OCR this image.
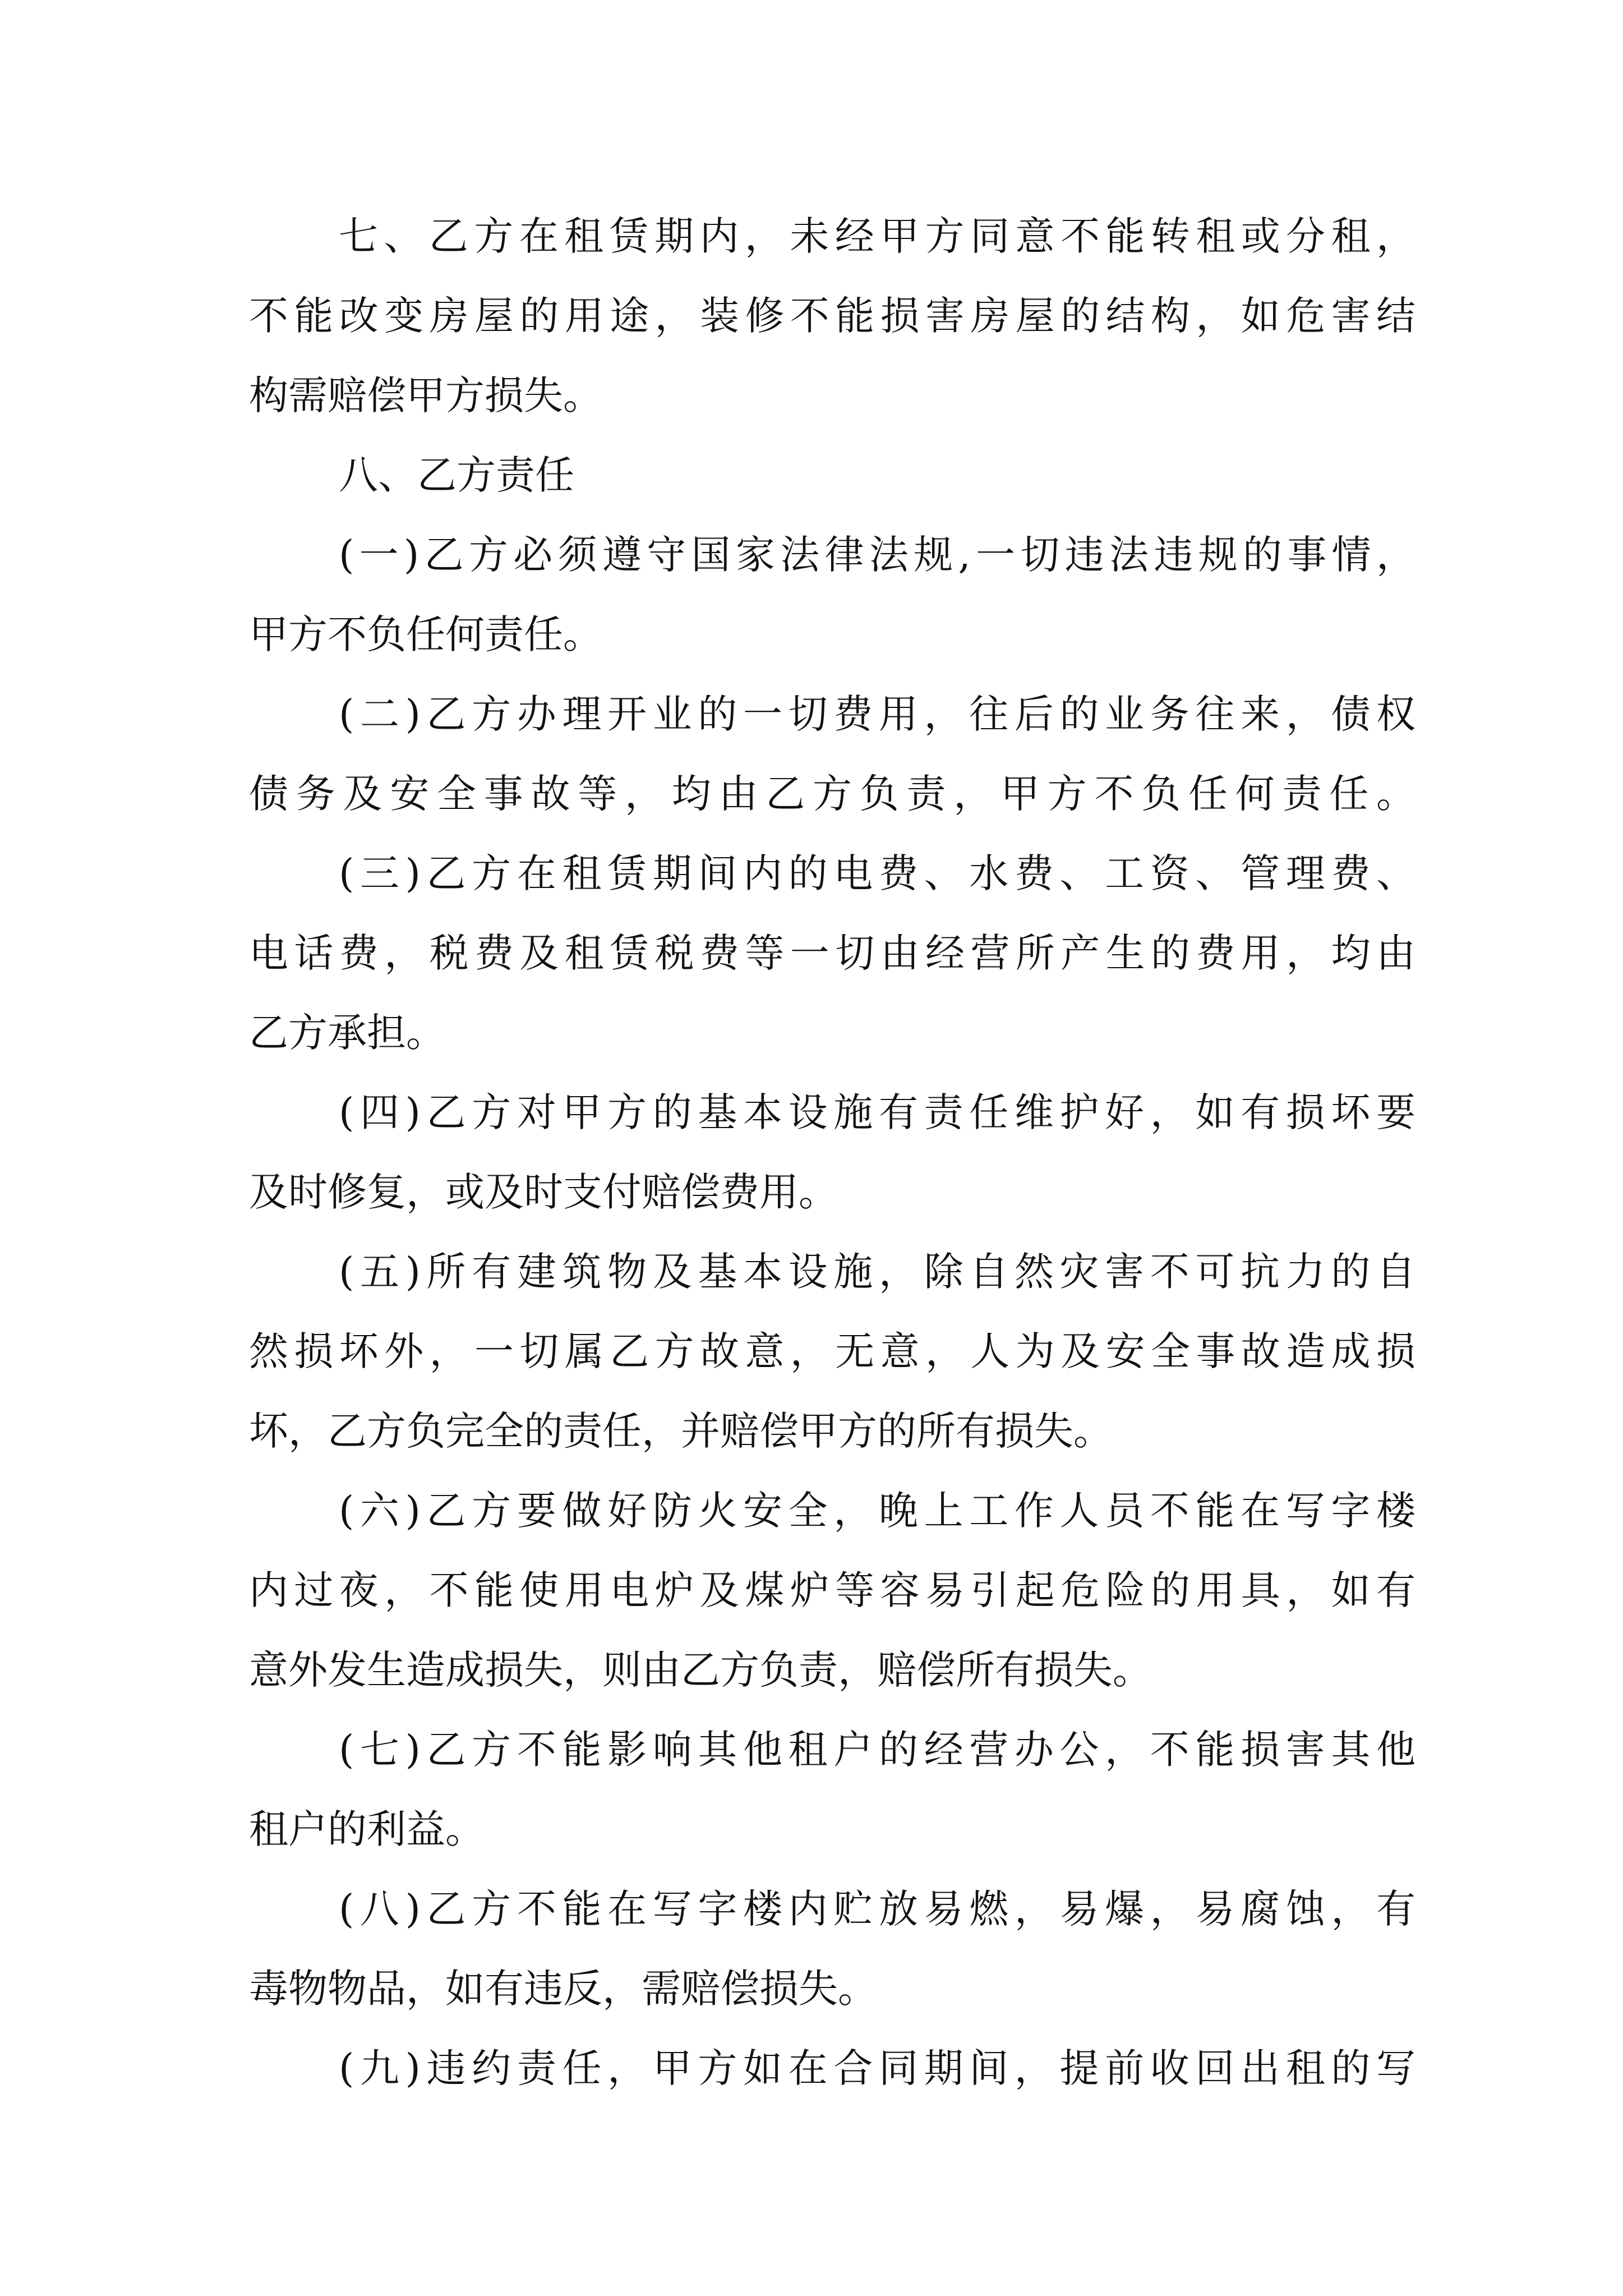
七、乙方在租赁期内，未经甲方同意不能转租或分租，
不能改变房屋的用途，装修不能损害房屋的结构，如危害结
构需赔偿甲方损失。
八、乙方责任
(一)乙方必须遵守国家法律法规,一切违法违规的事情，
甲方不负任何责任。
(二)乙方办理开业的一切费用，往后的业务往来，债权
债务及安全事故等，均由乙方负责，甲方不负任何责任。
(三)乙方在租赁期间内的电费、水费、工资、管理费、
电话费，税费及租赁税费等一切由经营所产生的费用，均由
乙方承担。
(四)乙方对甲方的基本设施有责任维护好，如有损坏要
及时修复，或及时支付赔偿费用。
(五)所有建筑物及基本设施，除自然灾害不可抗力的自
然损坏外，一切属乙方故意，无意，人为及安全事故造成损
坏，乙方负完全的责任，并赔偿甲方的所有损失。
(六)乙方要做好防火安全，晚上工作人员不能在写字楼
内过夜，不能使用电炉及煤炉等容易引起危险的用具，如有
意外发生造成损失，则由乙方负责，赔偿所有损失。
(七)乙方不能影响其他租户的经营办公，不能损害其他
租户的利益。
(八)乙方不能在写字楼内贮放易燃，易爆，易腐蚀，有
毒物物品，如有违反，需赔偿损失。
(九)违约责任，甲方如在合同期间，提前收回出租的写
